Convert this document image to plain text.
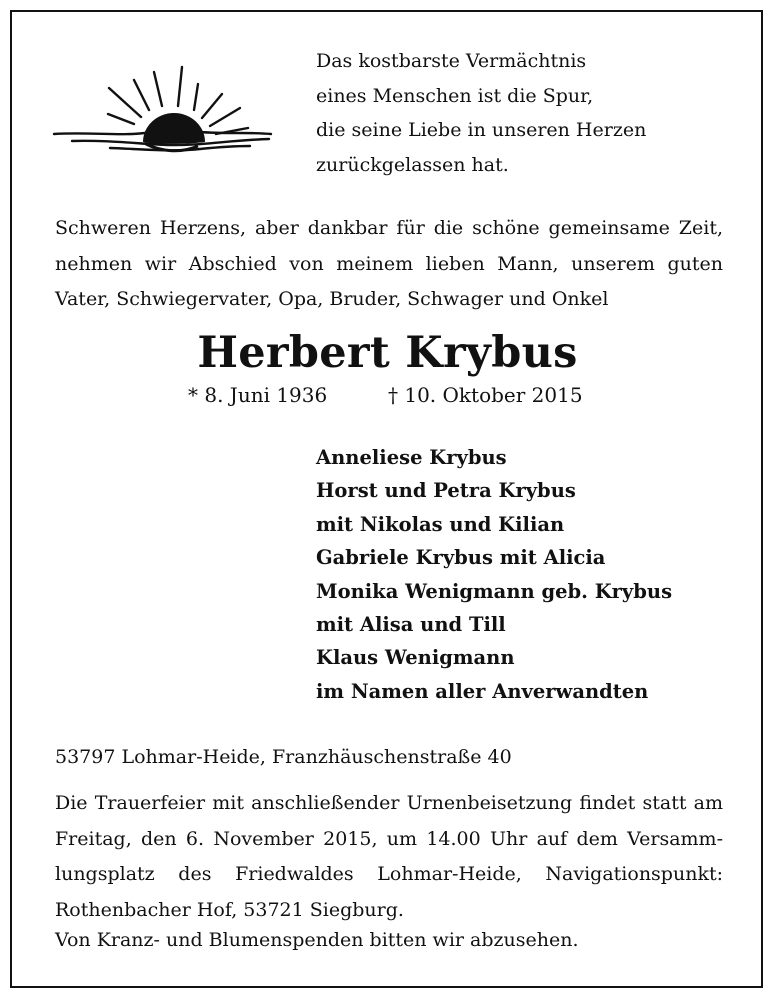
Das kostbarste Vermächtnis
eines Menschen ist die Spur,
die seine Liebe in unseren Herzen
zurückgelassen hat.
Schweren Herzens, aber dankbar für die schöne gemeinsame Zeit,
nehmen wir Abschied von meinem lieben Mann, unserem guten
Vater, Schwiegervater, Opa, Bruder, Schwager und Onkel
Herbert Krybus
* 8. Juni 1936	† 10. Oktober 2015
Anneliese Krybus
Horst und Petra Krybus
mit Nikolas und Kilian
Gabriele Krybus mit Alicia
Monika Wenigmann geb. Krybus
mit Alisa und Till
Klaus Wenigmann
im Namen aller Anverwandten
53797 Lohmar-Heide, Franzhäuschenstraße 40
Die Trauerfeier mit anschließender Urnenbeisetzung findet statt am
Freitag, den 6. November 2015, um 14.00 Uhr auf dem Versamm-
lungsplatz des Friedwaldes Lohmar-Heide, Navigationspunkt:
Rothenbacher Hof, 53721 Siegburg.
Von Kranz- und Blumenspenden bitten wir abzusehen.
